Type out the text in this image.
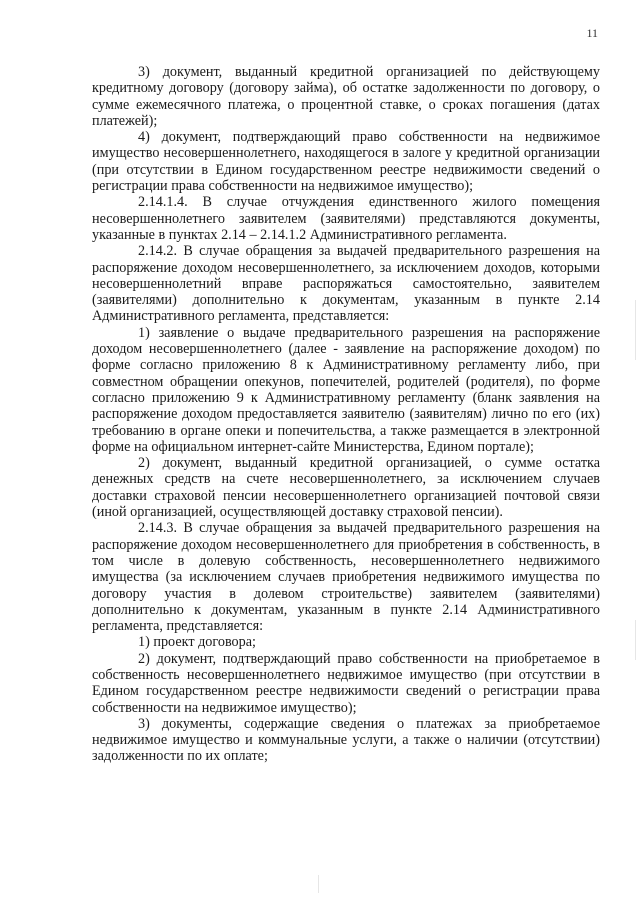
11

3) документ, выданный кредитной организацией по действующему кредитному договору (договору займа), об остатке задолженности по договору, о сумме ежемесячного платежа, о процентной ставке, о сроках погашения (датах платежей);

4) документ, подтверждающий право собственности на недвижимое имущество несовершеннолетнего, находящегося в залоге у кредитной организации (при отсутствии в Едином государственном реестре недвижимости сведений о регистрации права собственности на недвижимое имущество);

2.14.1.4. В случае отчуждения единственного жилого помещения несовершеннолетнего заявителем (заявителями) представляются документы, указанные в пунктах 2.14 – 2.14.1.2 Административного регламента.

2.14.2. В случае обращения за выдачей предварительного разрешения на распоряжение доходом несовершеннолетнего, за исключением доходов, которыми несовершеннолетний вправе распоряжаться самостоятельно, заявителем (заявителями) дополнительно к документам, указанным в пункте 2.14 Административного регламента, представляется:

1) заявление о выдаче предварительного разрешения на распоряжение доходом несовершеннолетнего (далее - заявление на распоряжение доходом) по форме согласно приложению 8 к Административному регламенту либо, при совместном обращении опекунов, попечителей, родителей (родителя), по форме согласно приложению 9 к Административному регламенту (бланк заявления на распоряжение доходом предоставляется заявителю (заявителям) лично по его (их) требованию в органе опеки и попечительства, а также размещается в электронной форме на официальном интернет-сайте Министерства, Едином портале);

2) документ, выданный кредитной организацией, о сумме остатка денежных средств на счете несовершеннолетнего, за исключением случаев доставки страховой пенсии несовершеннолетнего организацией почтовой связи (иной организацией, осуществляющей доставку страховой пенсии).

2.14.3. В случае обращения за выдачей предварительного разрешения на распоряжение доходом несовершеннолетнего для приобретения в собственность, в том числе в долевую собственность, несовершеннолетнего недвижимого имущества (за исключением случаев приобретения недвижимого имущества по договору участия в долевом строительстве) заявителем (заявителями) дополнительно к документам, указанным в пункте 2.14 Административного регламента, представляется:

1) проект договора;

2) документ, подтверждающий право собственности на приобретаемое в собственность несовершеннолетнего недвижимое имущество (при отсутствии в Едином государственном реестре недвижимости сведений о регистрации права собственности на недвижимое имущество);

3) документы, содержащие сведения о платежах за приобретаемое недвижимое имущество и коммунальные услуги, а также о наличии (отсутствии) задолженности по их оплате;
